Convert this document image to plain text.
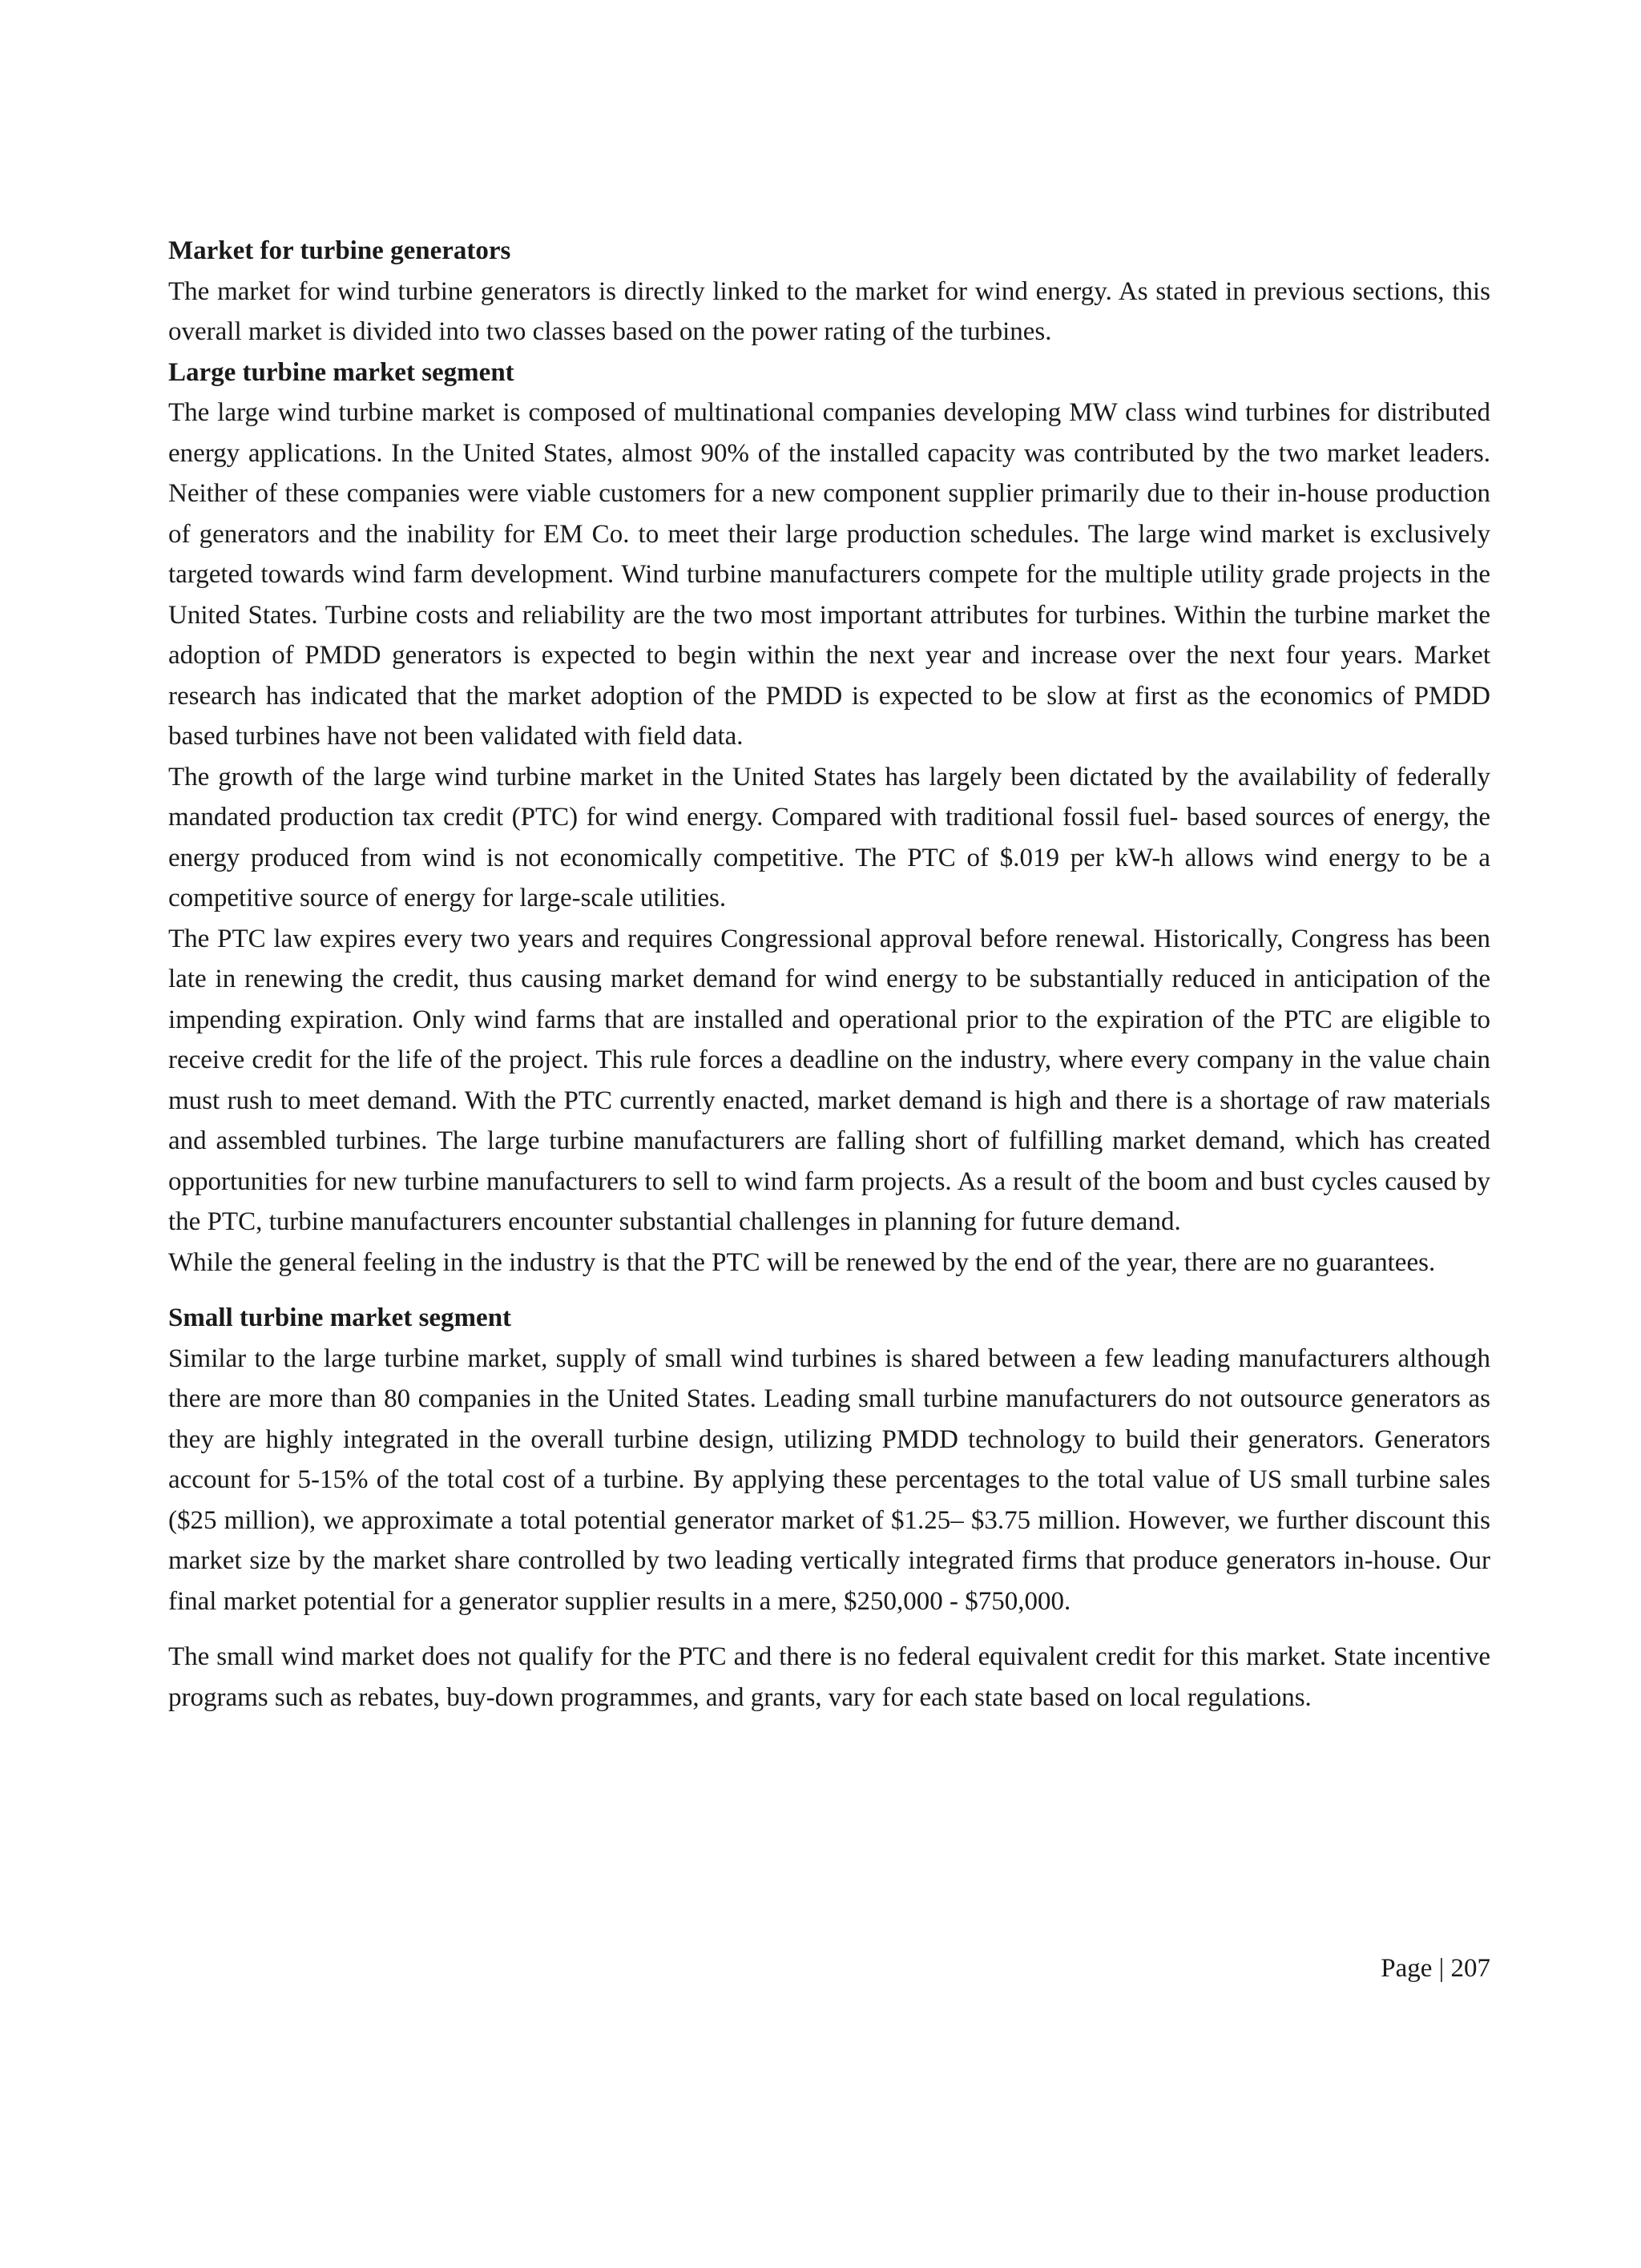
Market for turbine generators

The market for wind turbine generators is directly linked to the market for wind energy. As stated in previous sections, this overall market is divided into two classes based on the power rating of the turbines.

Large turbine market segment

The large wind turbine market is composed of multinational companies developing MW class wind turbines for distributed energy applications. In the United States, almost 90% of the installed capacity was contributed by the two market leaders. Neither of these companies were viable customers for a new component supplier primarily due to their in-house production of generators and the inability for EM Co. to meet their large production schedules. The large wind market is exclusively targeted towards wind farm development. Wind turbine manufacturers compete for the multiple utility grade projects in the United States. Turbine costs and reliability are the two most important attributes for turbines. Within the turbine market the adoption of PMDD generators is expected to begin within the next year and increase over the next four years. Market research has indicated that the market adoption of the PMDD is expected to be slow at first as the economics of PMDD based turbines have not been validated with field data.

The growth of the large wind turbine market in the United States has largely been dictated by the availability of federally mandated production tax credit (PTC) for wind energy. Compared with traditional fossil fuel- based sources of energy, the energy produced from wind is not economically competitive. The PTC of $.019 per kW-h allows wind energy to be a competitive source of energy for large-scale utilities.

The PTC law expires every two years and requires Congressional approval before renewal. Historically, Congress has been late in renewing the credit, thus causing market demand for wind energy to be substantially reduced in anticipation of the impending expiration. Only wind farms that are installed and operational prior to the expiration of the PTC are eligible to receive credit for the life of the project. This rule forces a deadline on the industry, where every company in the value chain must rush to meet demand. With the PTC currently enacted, market demand is high and there is a shortage of raw materials and assembled turbines. The large turbine manufacturers are falling short of fulfilling market demand, which has created opportunities for new turbine manufacturers to sell to wind farm projects. As a result of the boom and bust cycles caused by the PTC, turbine manufacturers encounter substantial challenges in planning for future demand.

While the general feeling in the industry is that the PTC will be renewed by the end of the year, there are no guarantees.

Small turbine market segment

Similar to the large turbine market, supply of small wind turbines is shared between a few leading manufacturers although there are more than 80 companies in the United States. Leading small turbine manufacturers do not outsource generators as they are highly integrated in the overall turbine design, utilizing PMDD technology to build their generators. Generators account for 5-15% of the total cost of a turbine. By applying these percentages to the total value of US small turbine sales ($25 million), we approximate a total potential generator market of $1.25– $3.75 million. However, we further discount this market size by the market share controlled by two leading vertically integrated firms that produce generators in-house. Our final market potential for a generator supplier results in a mere, $250,000 - $750,000.

The small wind market does not qualify for the PTC and there is no federal equivalent credit for this market. State incentive programs such as rebates, buy-down programmes, and grants, vary for each state based on local regulations.

Page | 207
